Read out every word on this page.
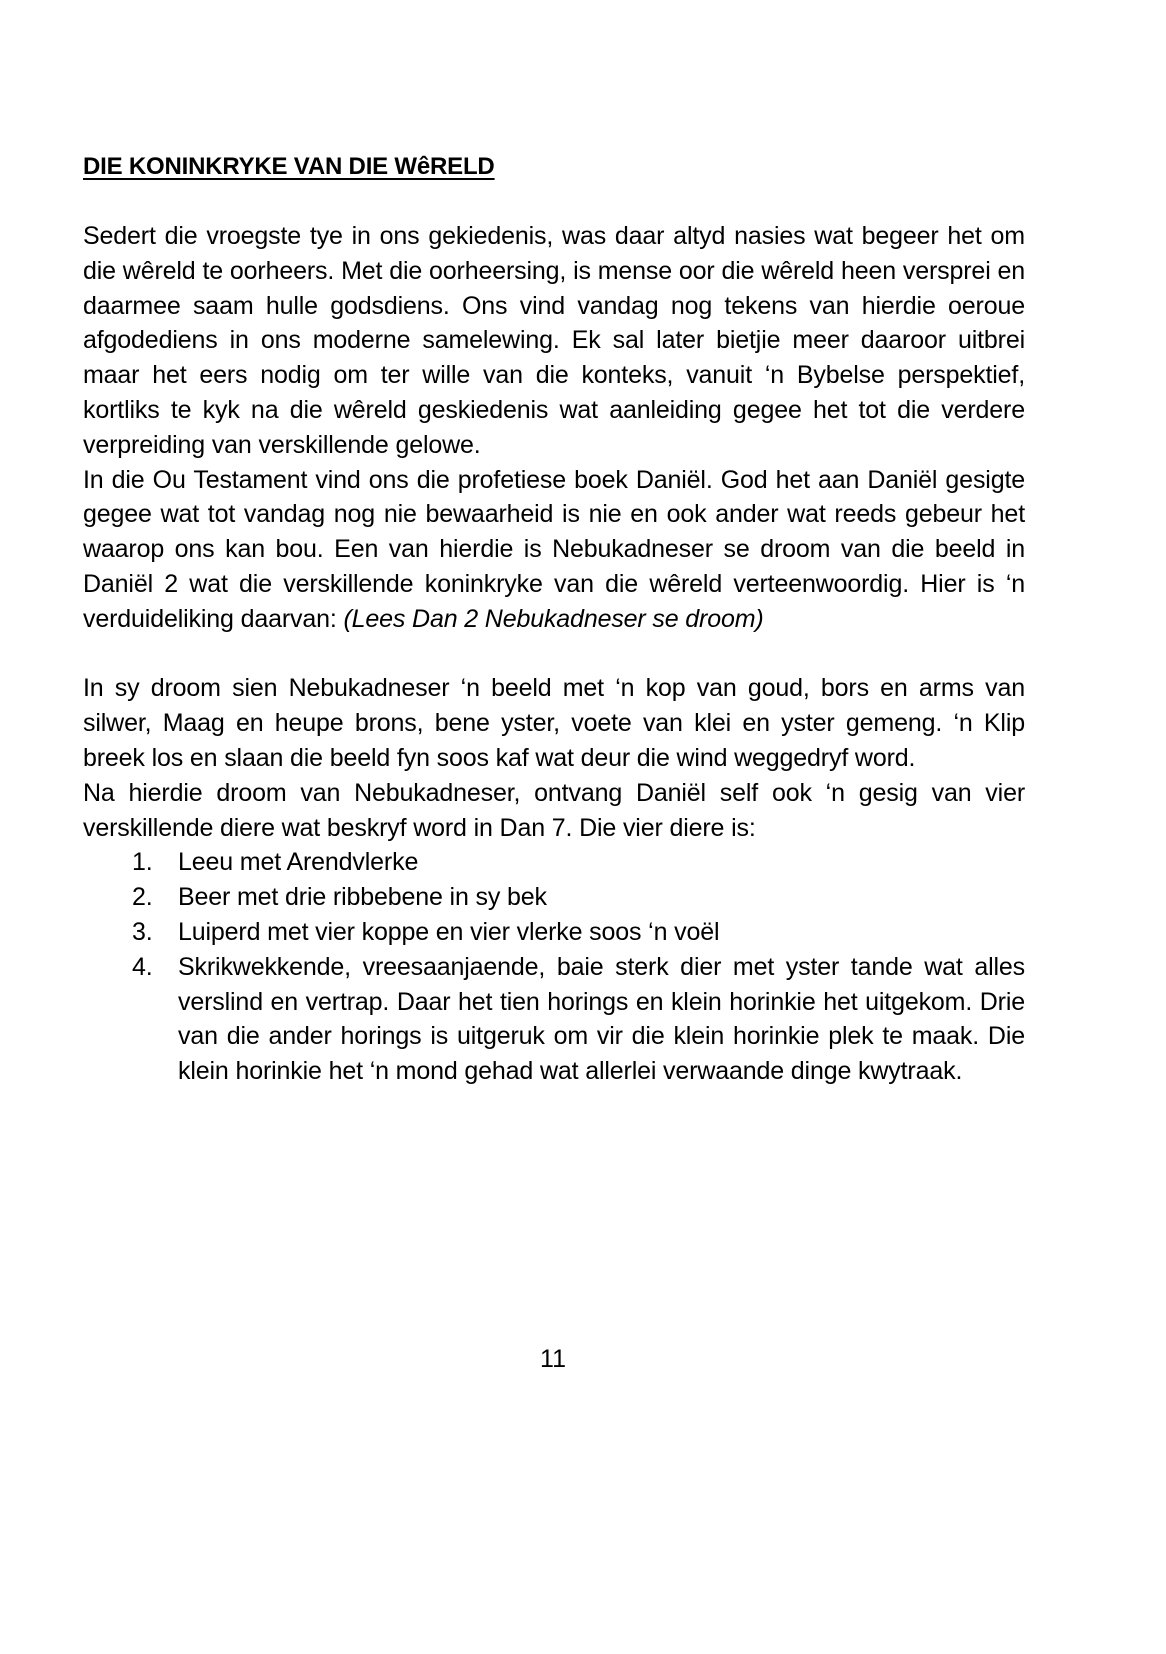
DIE KONINKRYKE VAN DIE WêRELD

Sedert die vroegste tye in ons gekiedenis, was daar altyd nasies wat begeer het om die wêreld te oorheers. Met die oorheersing, is mense oor die wêreld heen versprei en daarmee saam hulle godsdiens. Ons vind vandag nog tekens van hierdie oeroue afgodediens in ons moderne samelewing. Ek sal later bietjie meer daaroor uitbrei maar het eers nodig om ter wille van die konteks, vanuit ‘n Bybelse perspektief, kortliks te kyk na die wêreld geskiedenis wat aanleiding gegee het tot die verdere verpreiding van verskillende gelowe.

In die Ou Testament vind ons die profetiese boek Daniël. God het aan Daniël gesigte gegee wat tot vandag nog nie bewaarheid is nie en ook ander wat reeds gebeur het waarop ons kan bou. Een van hierdie is Nebukadneser se droom van die beeld in Daniël 2 wat die verskillende koninkryke van die wêreld verteenwoordig. Hier is ‘n verduideliking daarvan: (Lees Dan 2 Nebukadneser se droom)

In sy droom sien Nebukadneser ‘n beeld met ‘n kop van goud, bors en arms van silwer, Maag en heupe brons, bene yster, voete van klei en yster gemeng. ‘n Klip breek los en slaan die beeld fyn soos kaf wat deur die wind weggedryf word.

Na hierdie droom van Nebukadneser, ontvang Daniël self ook ‘n gesig van vier verskillende diere wat beskryf word in Dan 7. Die vier diere is:

1.	Leeu met Arendvlerke
2.	Beer met drie ribbebene in sy bek
3.	Luiperd met vier koppe en vier vlerke soos ‘n voël
4.	Skrikwekkende, vreesaanjaende, baie sterk dier met yster tande wat alles verslind en vertrap. Daar het tien horings en klein horinkie het uitgekom. Drie van die ander horings is uitgeruk om vir die klein horinkie plek te maak. Die klein horinkie het ‘n mond gehad wat allerlei verwaande dinge kwytraak.
11
